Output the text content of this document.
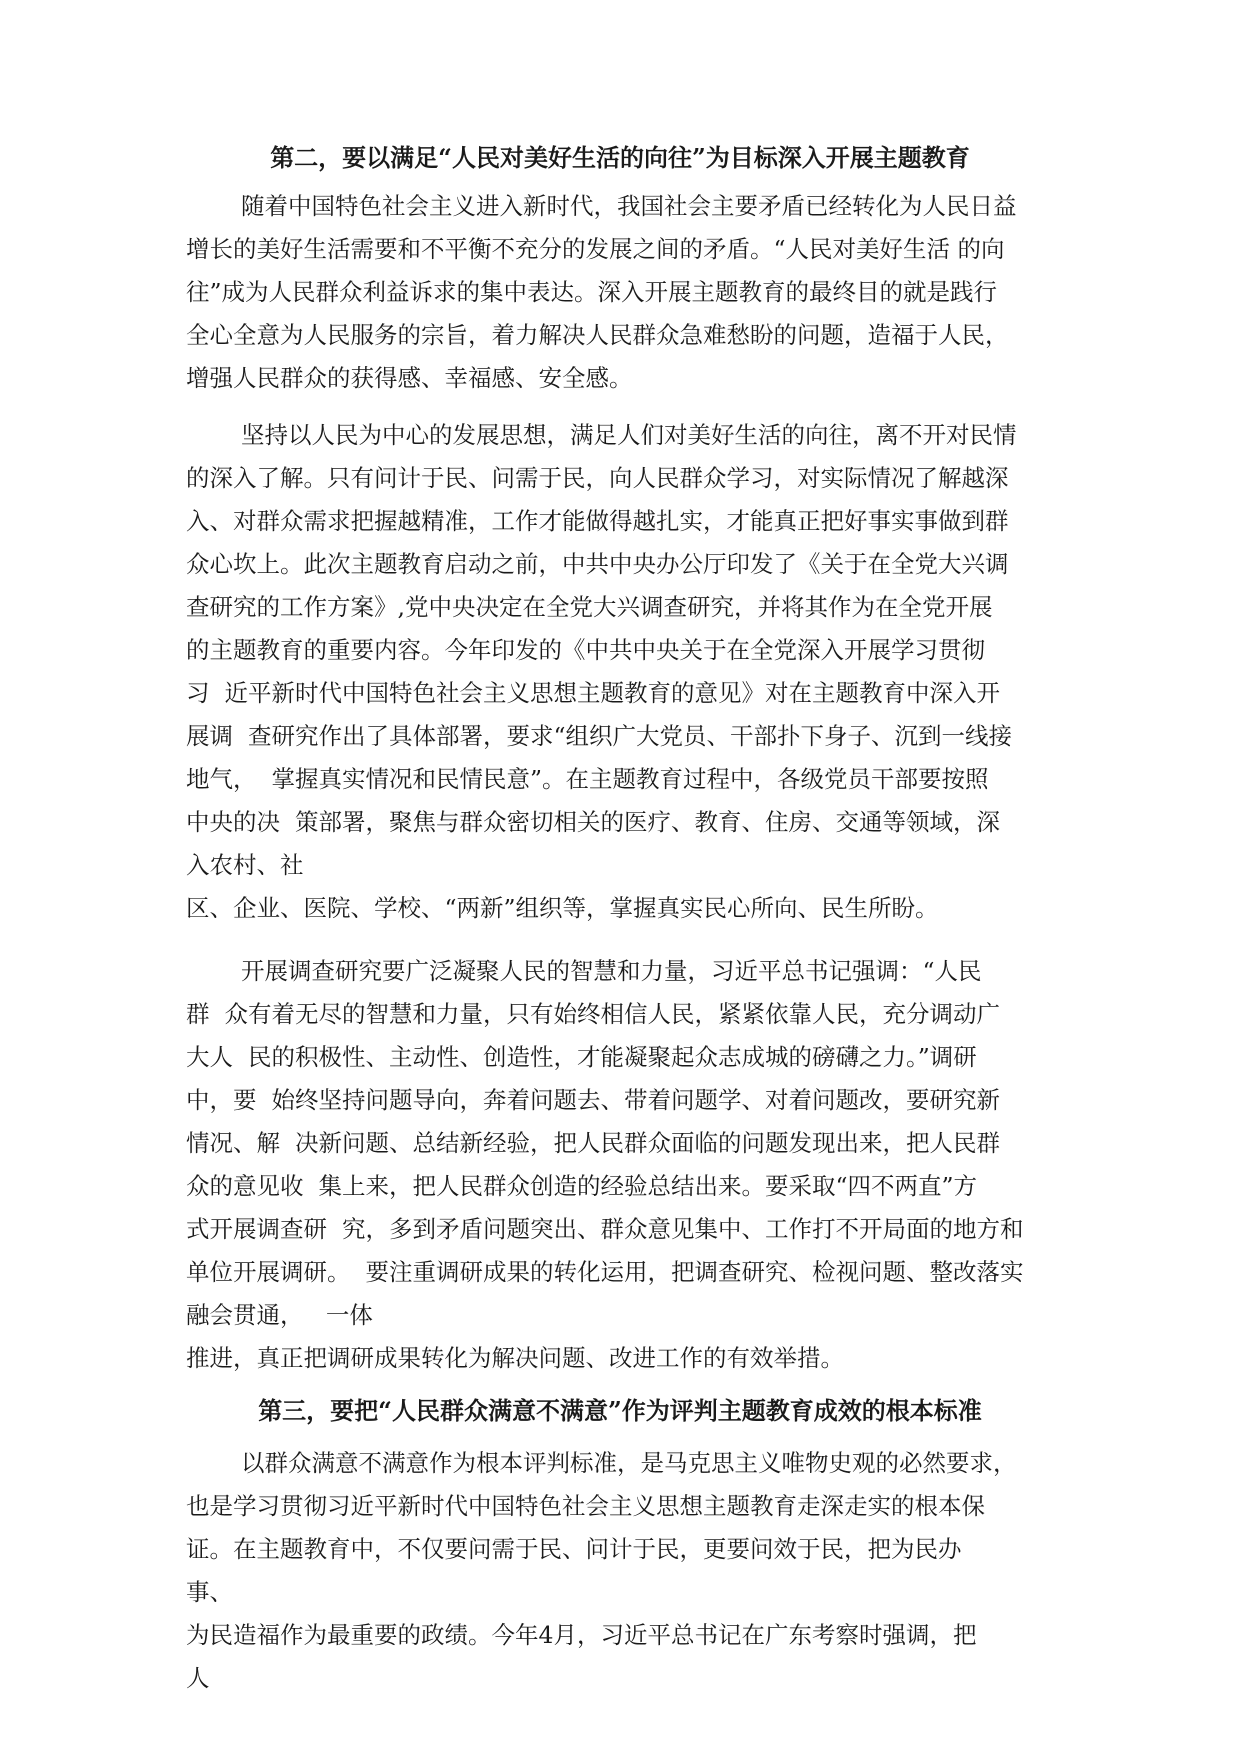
第二，要以满足“人民对美好生活的向往”为目标深入开展主题教育
随着中国特色社会主义进入新时代，我国社会主要矛盾已经转化为人民日益
增长的美好生活需要和不平衡不充分的发展之间的矛盾。“人民对美好生活 的向
往”成为人民群众利益诉求的集中表达。深入开展主题教育的最终目的就是践行
全心全意为人民服务的宗旨，着力解决人民群众急难愁盼的问题，造福于人民，
增强人民群众的获得感、幸福感、安全感。
坚持以人民为中心的发展思想，满足人们对美好生活的向往，离不开对民情
的深入了解。只有问计于民、问需于民，向人民群众学习，对实际情况了解越深
入、对群众需求把握越精准，工作才能做得越扎实，才能真正把好事实事做到群
众心坎上。此次主题教育启动之前，中共中央办公厅印发了《关于在全党大兴调
查研究的工作方案》,党中央决定在全党大兴调查研究，并将其作为在全党开展
的主题教育的重要内容。今年印发的《中共中央关于在全党深入开展学习贯彻
习  近平新时代中国特色社会主义思想主题教育的意见》对在主题教育中深入开
展调  查研究作出了具体部署，要求“组织广大党员、干部扑下身子、沉到一线接
地气，  掌握真实情况和民情民意”。在主题教育过程中，各级党员干部要按照
中央的决  策部署，聚焦与群众密切相关的医疗、教育、住房、交通等领域，深
入农村、社
区、企业、医院、学校、“两新”组织等，掌握真实民心所向、民生所盼。
开展调查研究要广泛凝聚人民的智慧和力量，习近平总书记强调：“人民
群  众有着无尽的智慧和力量，只有始终相信人民，紧紧依靠人民，充分调动广
大人  民的积极性、主动性、创造性，才能凝聚起众志成城的磅礴之力。”调研
中，要  始终坚持问题导向，奔着问题去、带着问题学、对着问题改，要研究新
情况、解  决新问题、总结新经验，把人民群众面临的问题发现出来，把人民群
众的意见收  集上来，把人民群众创造的经验总结出来。要采取“四不两直”方
式开展调查研  究，多到矛盾问题突出、群众意见集中、工作打不开局面的地方和
单位开展调研。  要注重调研成果的转化运用，把调查研究、检视问题、整改落实
融会贯通，   一体
推进，真正把调研成果转化为解决问题、改进工作的有效举措。
第三，要把“人民群众满意不满意”作为评判主题教育成效的根本标准
以群众满意不满意作为根本评判标准，是马克思主义唯物史观的必然要求，
也是学习贯彻习近平新时代中国特色社会主义思想主题教育走深走实的根本保
证。在主题教育中，不仅要问需于民、问计于民，更要问效于民，把为民办
事、
为民造福作为最重要的政绩。今年4月，习近平总书记在广东考察时强调，把
人
